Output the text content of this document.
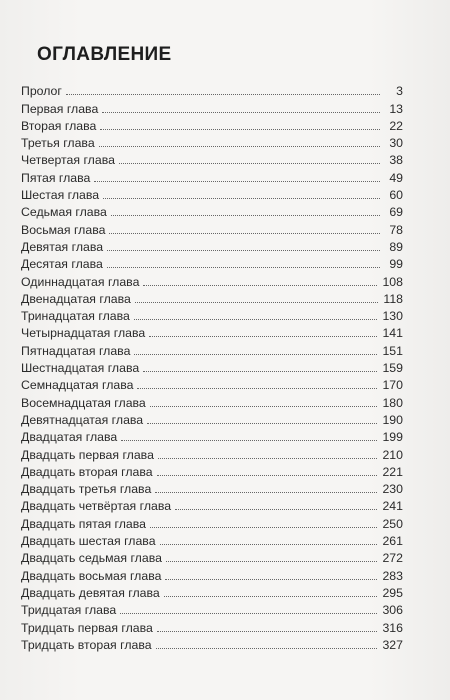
ОГЛАВЛЕНИЕ
Пролог	3
Первая глава	13
Вторая глава	22
Третья глава	30
Четвертая глава	38
Пятая глава	49
Шестая глава	60
Седьмая глава	69
Восьмая глава	78
Девятая глава	89
Десятая глава	99
Одиннадцатая глава	108
Двенадцатая глава	118
Тринадцатая глава	130
Четырнадцатая глава	141
Пятнадцатая глава	151
Шестнадцатая глава	159
Семнадцатая глава	170
Восемнадцатая глава	180
Девятнадцатая глава	190
Двадцатая глава	199
Двадцать первая глава	210
Двадцать вторая глава	221
Двадцать третья глава	230
Двадцать четвёртая глава	241
Двадцать пятая глава	250
Двадцать шестая глава	261
Двадцать седьмая глава	272
Двадцать восьмая глава	283
Двадцать девятая глава	295
Тридцатая глава	306
Тридцать первая глава	316
Тридцать вторая глава	327
